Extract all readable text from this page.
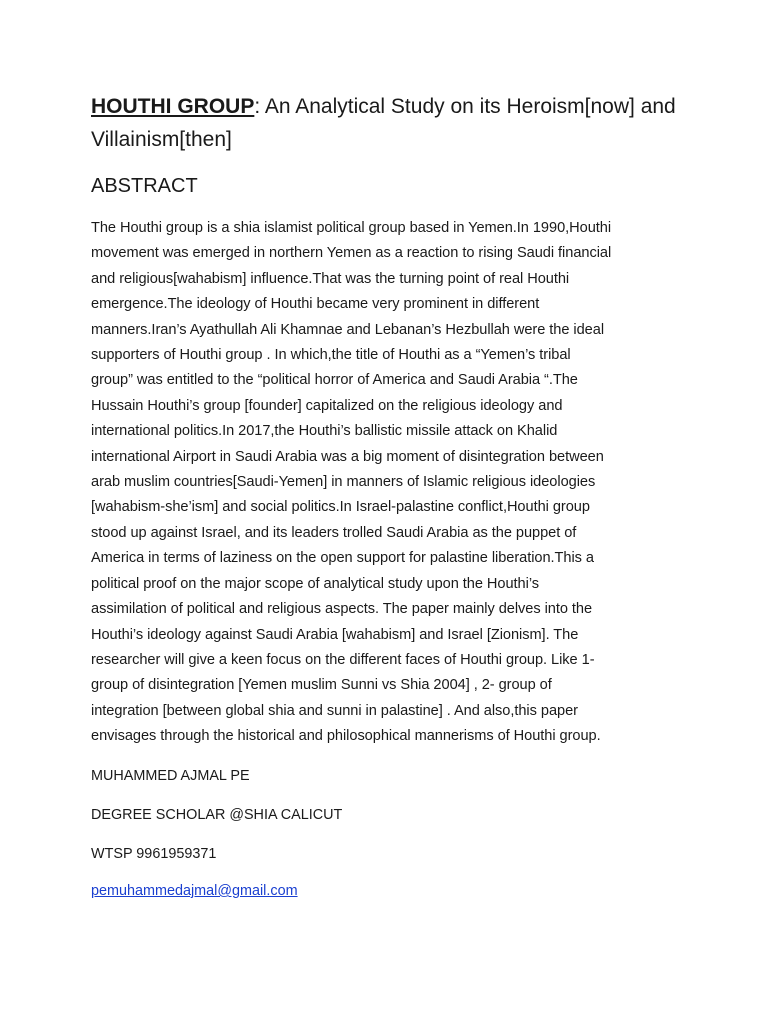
HOUTHI GROUP: An Analytical Study on its Heroism[now] and Villainism[then]
ABSTRACT

The Houthi group is a shia islamist political group based in Yemen.In 1990,Houthi
movement was emerged in northern Yemen as a reaction to rising Saudi financial
and religious[wahabism] influence.That was the turning point of real Houthi
emergence.The ideology of Houthi became very prominent in different
manners.Iran’s Ayathullah Ali Khamnae and Lebanan’s Hezbullah were the ideal
supporters of Houthi group . In which,the title of Houthi as a “Yemen’s tribal
group” was entitled to the “political horror of America and Saudi Arabia “.The
Hussain Houthi’s group [founder] capitalized on the religious ideology and
international politics.In 2017,the Houthi’s ballistic missile attack on Khalid
international Airport in Saudi Arabia was a big moment of disintegration between
arab muslim countries[Saudi-Yemen] in manners of Islamic religious ideologies
[wahabism-she’ism] and social politics.In Israel-palastine conflict,Houthi group
stood up against Israel, and its leaders trolled Saudi Arabia as the puppet of
America in terms of laziness on the open support for palastine liberation.This a
political proof on the major scope of analytical study upon the Houthi’s
assimilation of political and religious aspects. The paper mainly delves into the
Houthi’s ideology against Saudi Arabia [wahabism] and Israel [Zionism]. The
researcher will give a keen focus on the different faces of Houthi group. Like 1-
group of disintegration [Yemen muslim Sunni vs Shia 2004] , 2- group of
integration [between global shia and sunni in palastine] . And also,this paper
envisages through the historical and philosophical mannerisms of Houthi group.

MUHAMMED AJMAL PE

DEGREE SCHOLAR @SHIA CALICUT

WTSP 9961959371

pemuhammedajmal@gmail.com
